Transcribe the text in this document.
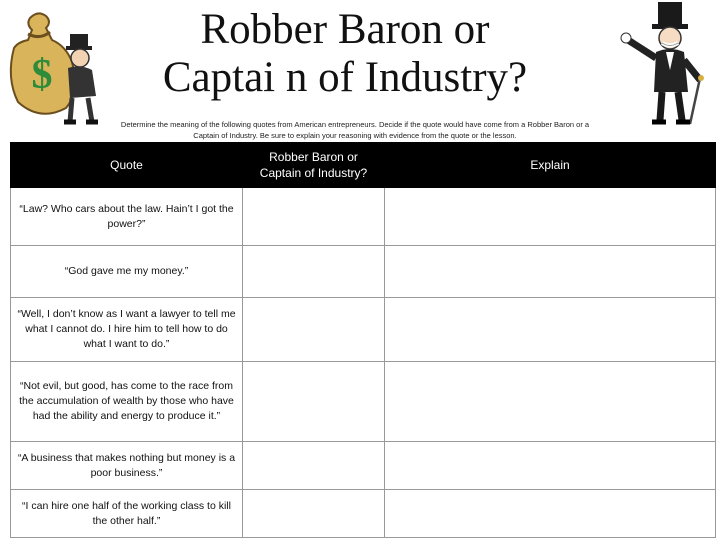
$
Robber Baron or
Captai n of Industry?
Determine the meaning of the following quotes from American entrepreneurs. Decide if the quote would have come from a Robber Baron or a Captain of Industry. Be sure to explain your reasoning with evidence from the quote or the lesson.
Quote	Robber Baron or Captain of Industry?	Explain
“Law? Who cars about the law. Hain’t I got the power?”		
“God gave me my money.”		
“Well, I don’t know as I want a lawyer to tell me what I cannot do. I hire him to tell how to do what I want to do.”		
“Not evil, but good, has come to the race from the accumulation of wealth by those who have had the ability and energy to produce it.”		
“A business that makes nothing but money is a poor business.”		
“I can hire one half of the working class to kill the other half.”		
